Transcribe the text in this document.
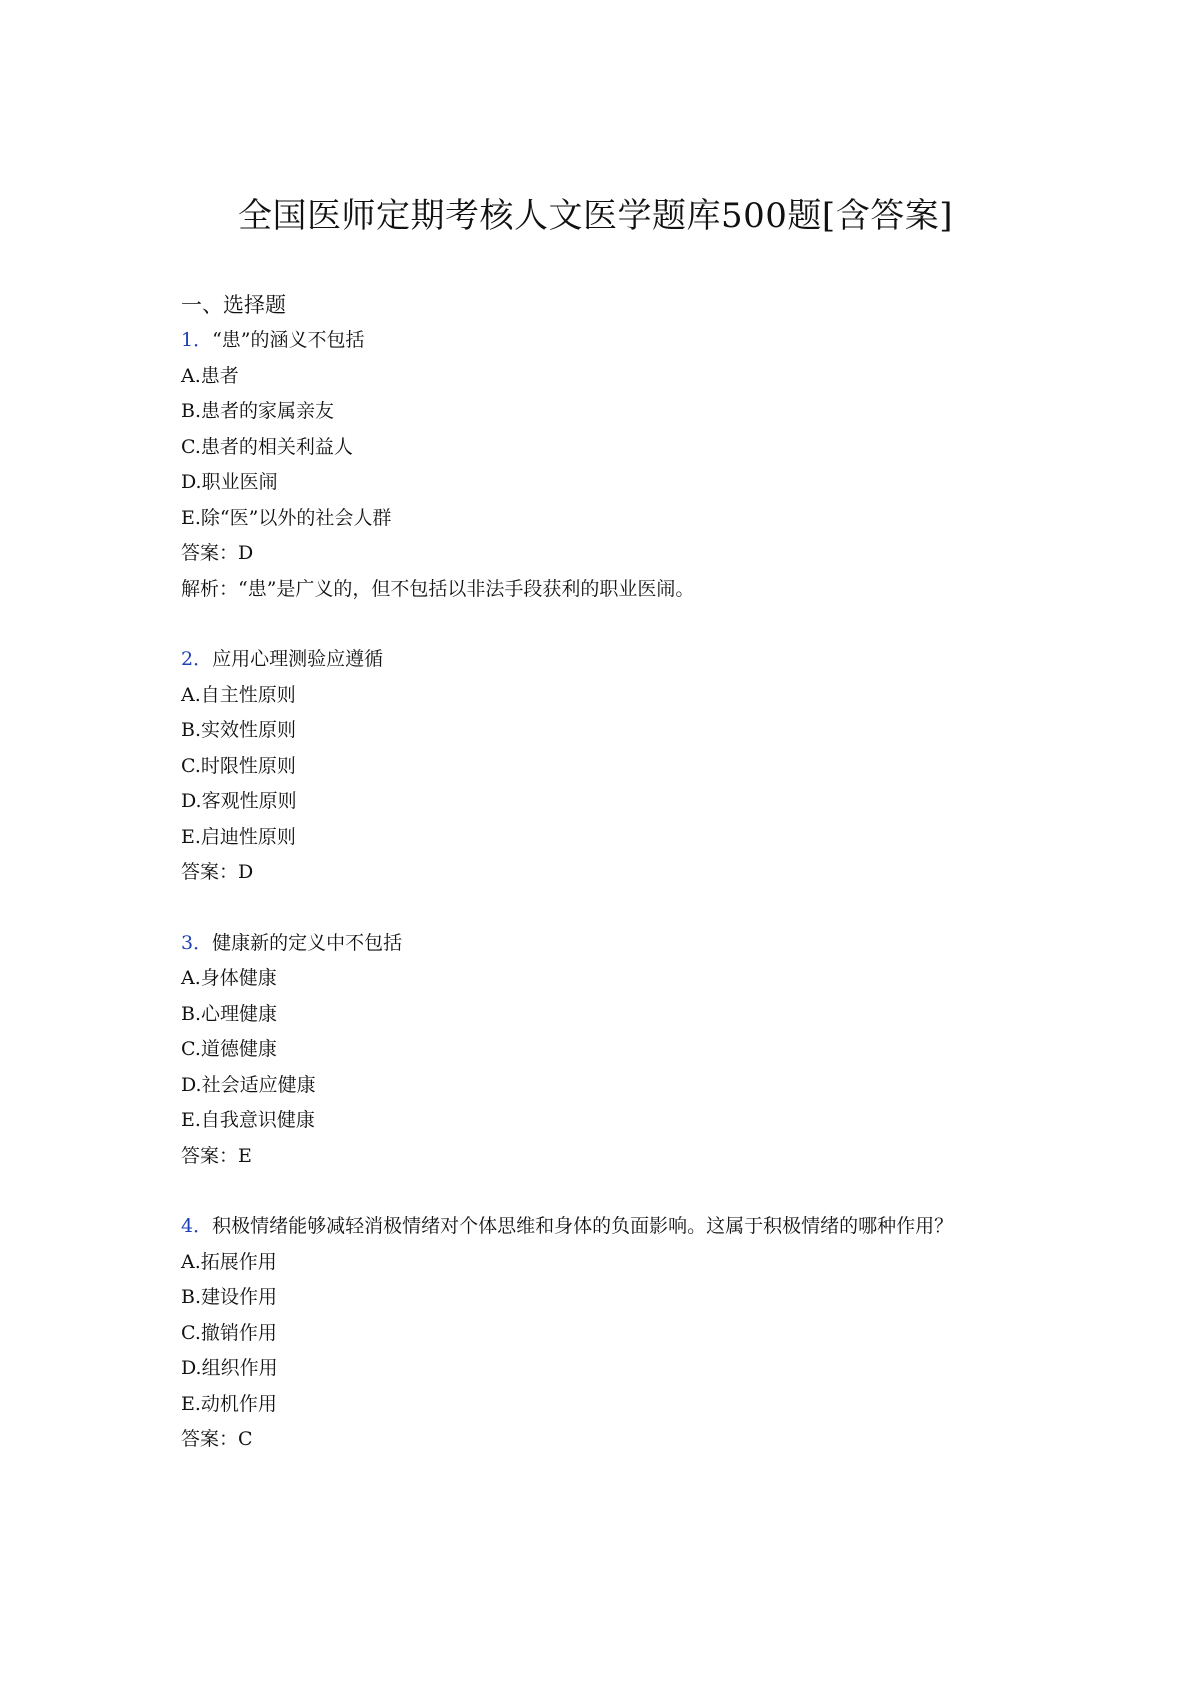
全国医师定期考核人文医学题库500题[含答案]
一、选择题
1．“患”的涵义不包括
A.患者
B.患者的家属亲友
C.患者的相关利益人
D.职业医闹
E.除“医”以外的社会人群
答案：D
解析：“患”是广义的，但不包括以非法手段获利的职业医闹。
2．应用心理测验应遵循
A.自主性原则
B.实效性原则
C.时限性原则
D.客观性原则
E.启迪性原则
答案：D
3．健康新的定义中不包括
A.身体健康
B.心理健康
C.道德健康
D.社会适应健康
E.自我意识健康
答案：E
4．积极情绪能够减轻消极情绪对个体思维和身体的负面影响。这属于积极情绪的哪种作用？
A.拓展作用
B.建设作用
C.撤销作用
D.组织作用
E.动机作用
答案：C
